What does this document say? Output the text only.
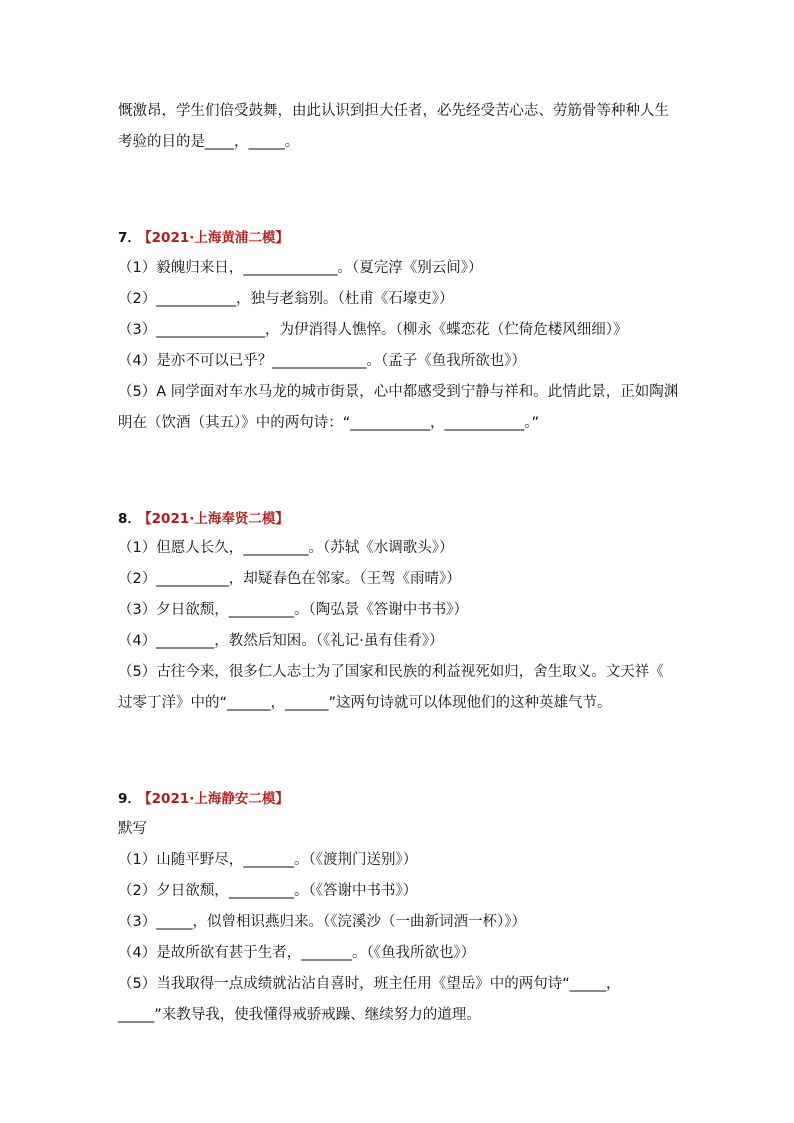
慨激昂，学生们倍受鼓舞，由此认识到担大任者，必先经受苦心志、劳筋骨等种种人生

考验的目的是____，_____。

7． 【2021·上海黄浦二模】

（1）毅魄归来日，_____________。（夏完淳《别云间》）

（2）___________，独与老翁别。（杜甫《石壕吏》）

（3）_______________，为伊消得人憔悴。（柳永《蝶恋花（伫倚危楼风细细）》

（4）是亦不可以已乎？_____________。（孟子《鱼我所欲也》）

（5）A 同学面对车水马龙的城市街景，心中都感受到宁静与祥和。此情此景，正如陶渊

明在（饮酒（其五）》中的两句诗：“___________，___________。”

8． 【2021·上海奉贤二模】

（1）但愿人长久，_________。（苏轼《水调歌头》）

（2）__________，却疑春色在邻家。（王驾《雨晴》）

（3）夕日欲颓，_________。（陶弘景《答谢中书书》）

（4）________，教然后知困。（《礼记·虽有佳肴》）

（5）古往今来，很多仁人志士为了国家和民族的利益视死如归，舍生取义。文天祥《

过零丁洋》中的“______，______”这两句诗就可以体现他们的这种英雄气节。

9． 【2021·上海静安二模】

默写

（1）山随平野尽，_______。（《渡荆门送别》）

（2）夕日欲颓，_________。（《答谢中书书》）

（3）_____，似曾相识燕归来。（《浣溪沙（一曲新词酒一杯）》）

（4）是故所欲有甚于生者，_______。（《鱼我所欲也》）

（5）当我取得一点成绩就沾沾自喜时，班主任用《望岳》中的两句诗“_____，

_____”来教导我，使我懂得戒骄戒躁、继续努力的道理。
